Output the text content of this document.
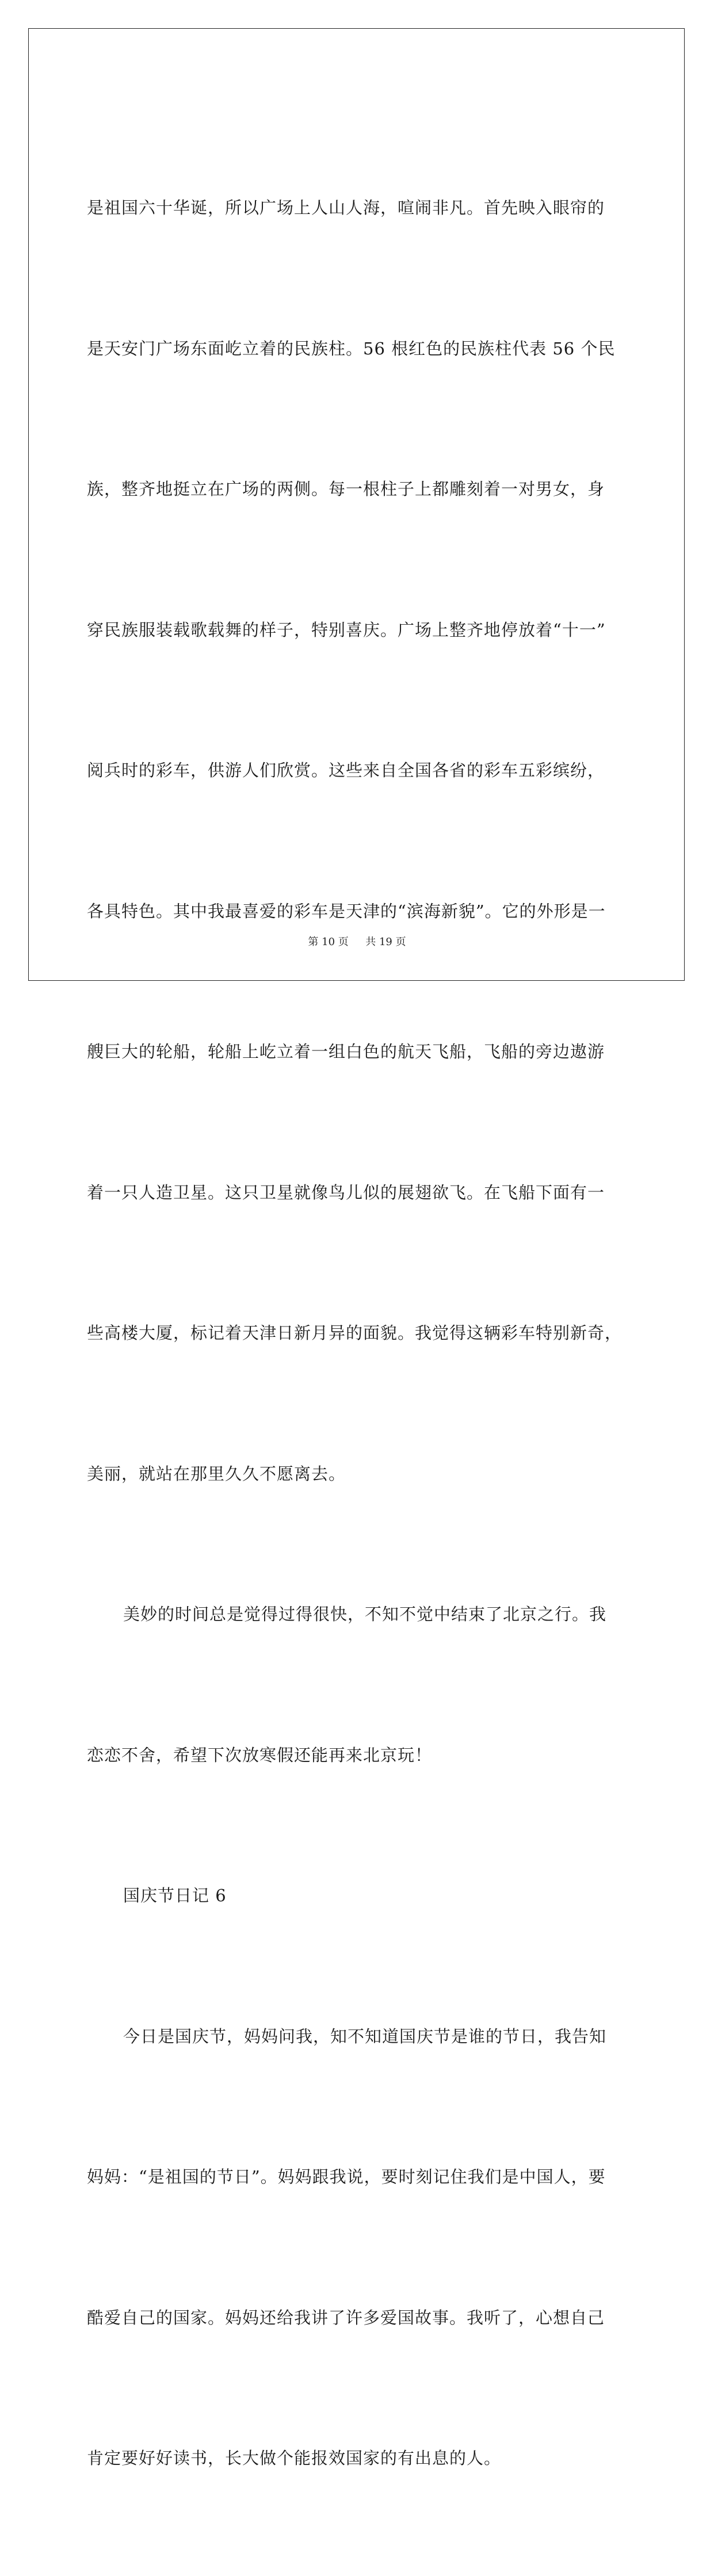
是祖国六十华诞，所以广场上人山人海，喧闹非凡。首先映入眼帘的

是天安门广场东面屹立着的民族柱。56 根红色的民族柱代表 56 个民

族，整齐地挺立在广场的两侧。每一根柱子上都雕刻着一对男女，身

穿民族服装载歌载舞的样子，特别喜庆。广场上整齐地停放着“十一”

阅兵时的彩车，供游人们欣赏。这些来自全国各省的彩车五彩缤纷，

各具特色。其中我最喜爱的彩车是天津的“滨海新貌”。它的外形是一

艘巨大的轮船，轮船上屹立着一组白色的航天飞船，飞船的旁边遨游

着一只人造卫星。这只卫星就像鸟儿似的展翅欲飞。在飞船下面有一

些高楼大厦，标记着天津日新月异的面貌。我觉得这辆彩车特别新奇，

美丽，就站在那里久久不愿离去。

美妙的时间总是觉得过得很快，不知不觉中结束了北京之行。我

恋恋不舍，希望下次放寒假还能再来北京玩！

国庆节日记 6

今日是国庆节，妈妈问我，知不知道国庆节是谁的节日，我告知

妈妈：“是祖国的节日”。妈妈跟我说，要时刻记住我们是中国人，要

酷爱自己的国家。妈妈还给我讲了许多爱国故事。我听了，心想自己

肯定要好好读书，长大做个能报效国家的有出息的人。

第 10 页 共 19 页
